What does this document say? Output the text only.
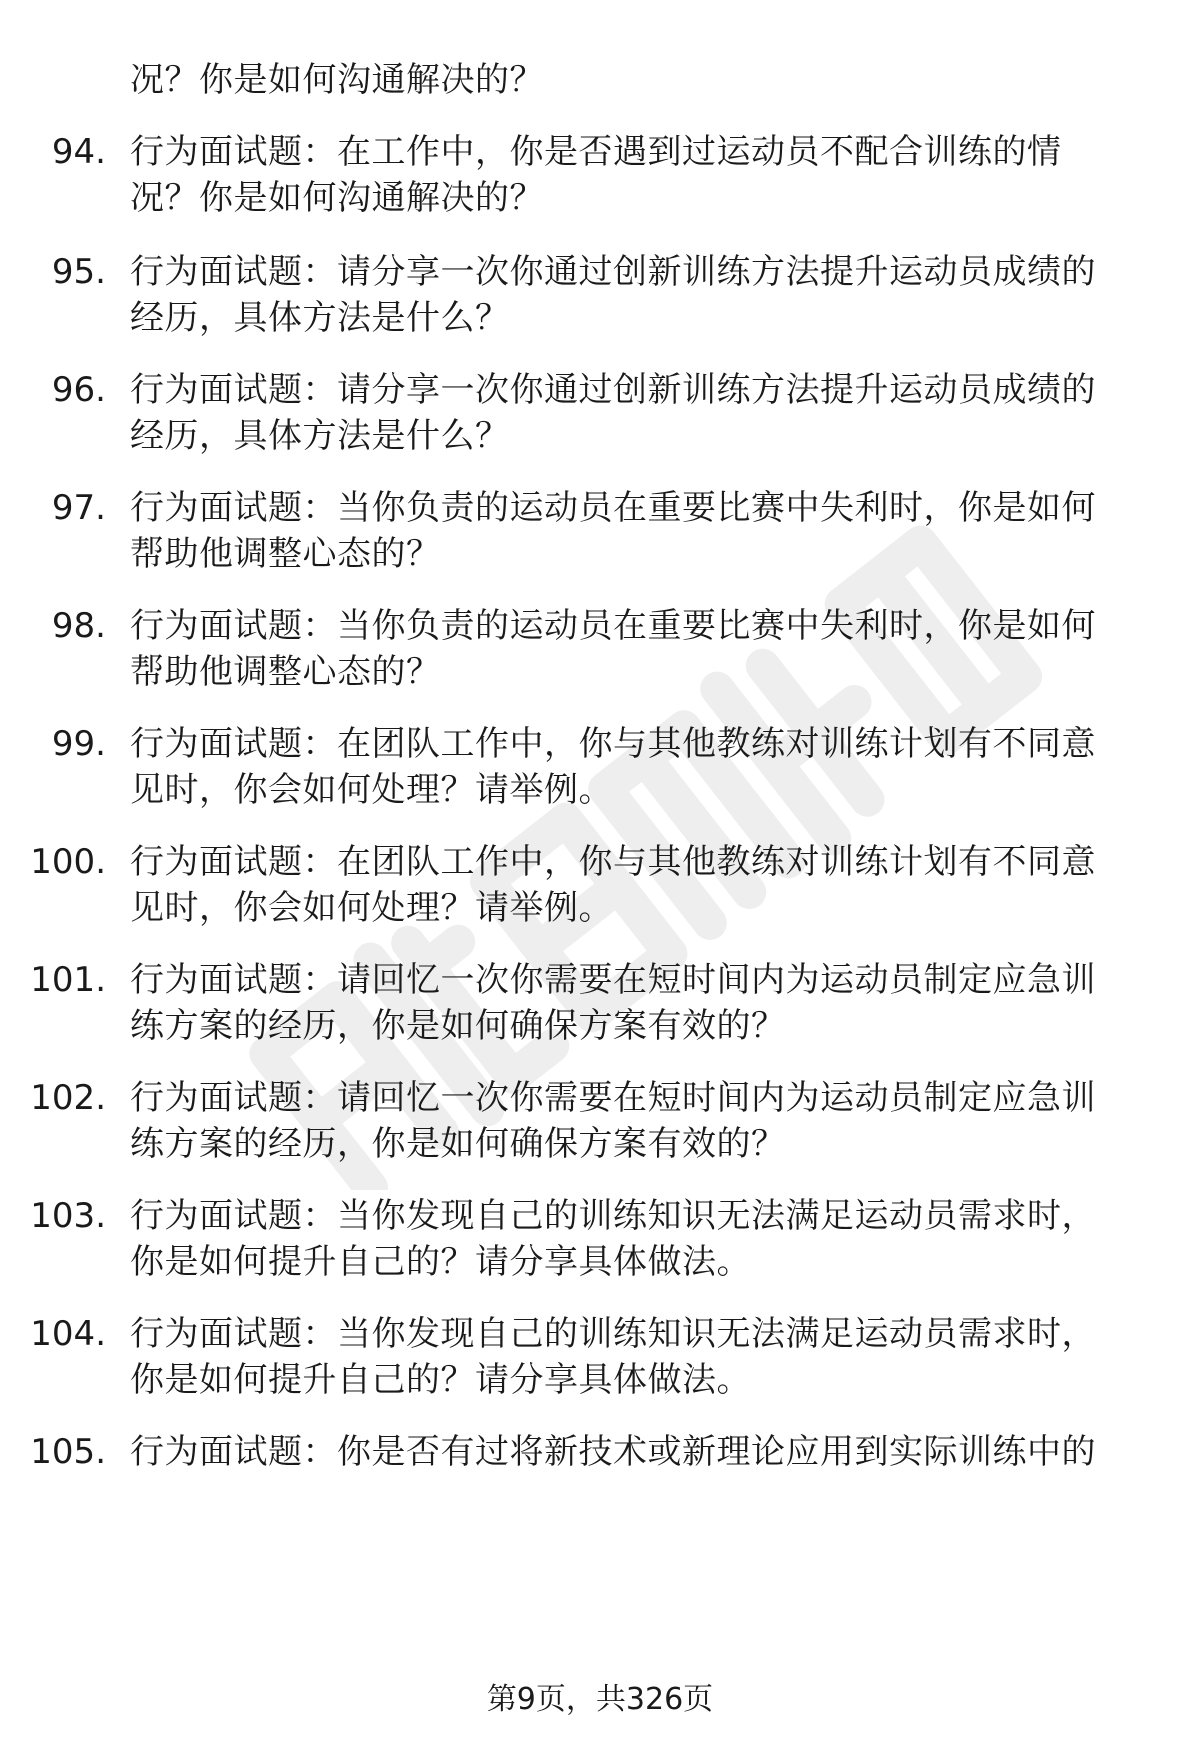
况？你是如何沟通解决的？
94. 行为面试题：在工作中，你是否遇到过运动员不配合训练的情
况？你是如何沟通解决的？
95. 行为面试题：请分享一次你通过创新训练方法提升运动员成绩的
经历，具体方法是什么？
96. 行为面试题：请分享一次你通过创新训练方法提升运动员成绩的
经历，具体方法是什么？
97. 行为面试题：当你负责的运动员在重要比赛中失利时，你是如何
帮助他调整心态的？
98. 行为面试题：当你负责的运动员在重要比赛中失利时，你是如何
帮助他调整心态的？
99. 行为面试题：在团队工作中，你与其他教练对训练计划有不同意
见时，你会如何处理？请举例。
100. 行为面试题：在团队工作中，你与其他教练对训练计划有不同意
见时，你会如何处理？请举例。
101. 行为面试题：请回忆一次你需要在短时间内为运动员制定应急训
练方案的经历，你是如何确保方案有效的？
102. 行为面试题：请回忆一次你需要在短时间内为运动员制定应急训
练方案的经历，你是如何确保方案有效的？
103. 行为面试题：当你发现自己的训练知识无法满足运动员需求时，
你是如何提升自己的？请分享具体做法。
104. 行为面试题：当你发现自己的训练知识无法满足运动员需求时，
你是如何提升自己的？请分享具体做法。
105. 行为面试题：你是否有过将新技术或新理论应用到实际训练中的
第9页，共326页
